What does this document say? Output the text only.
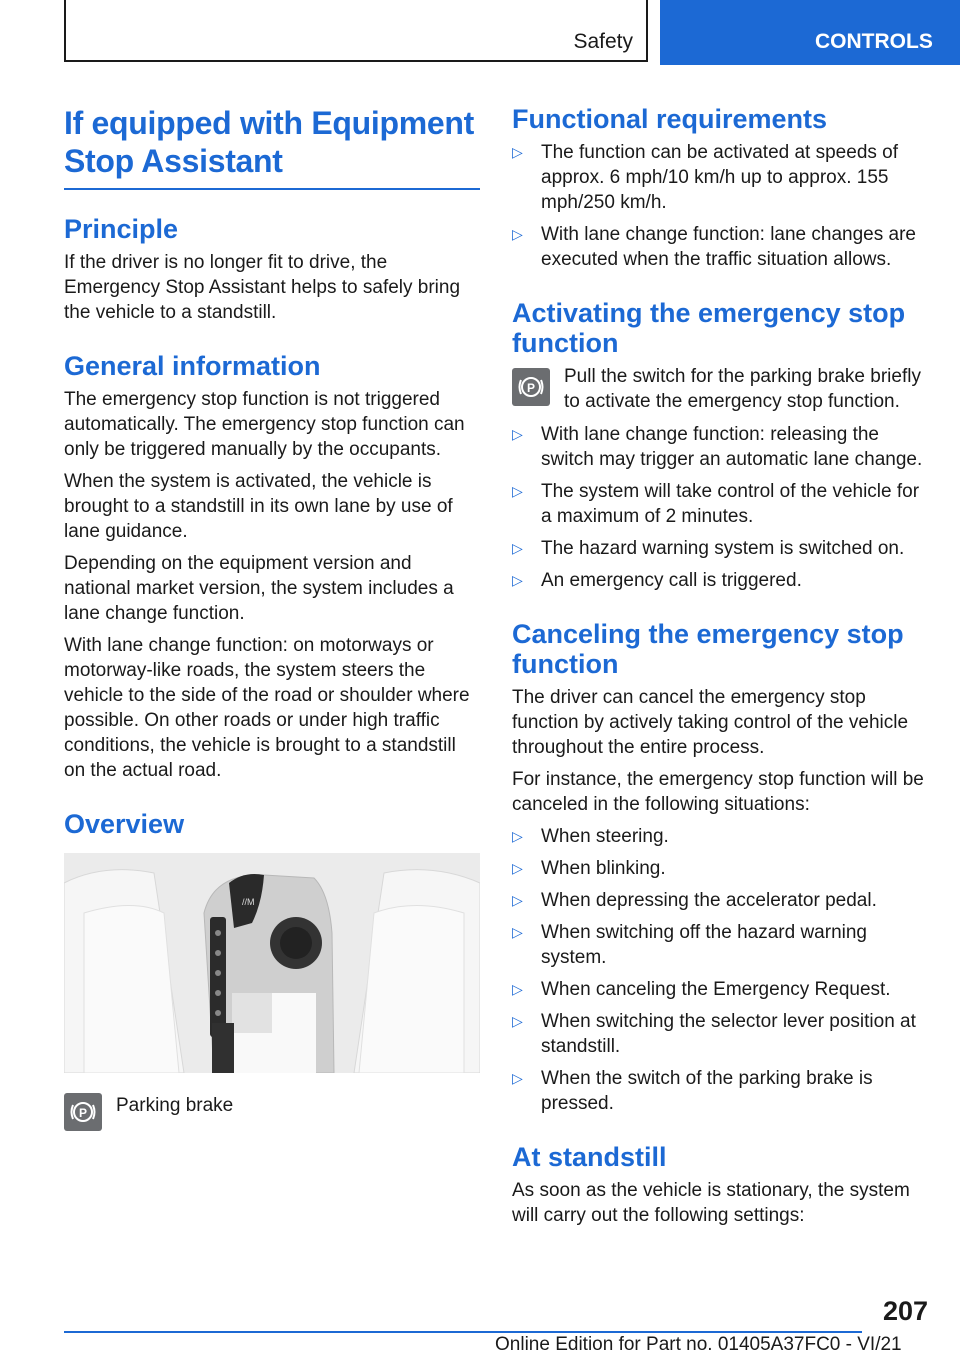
Safety	CONTROLS
If equipped with Equipment Stop Assistant
Principle

If the driver is no longer fit to drive, the Emergency Stop Assistant helps to safely bring the vehicle to a standstill.

General information

The emergency stop function is not triggered automatically. The emergency stop function can only be triggered manually by the occupants.

When the system is activated, the vehicle is brought to a standstill in its own lane by use of lane guidance.

Depending on the equipment version and national market version, the system includes a lane change function.

With lane change function: on motorways or motorway-like roads, the system steers the vehicle to the side of the road or shoulder where possible. On other roads or under high traffic conditions, the vehicle is brought to a standstill on the actual road.

Overview
//M
P Parking brake

Functional requirements
▷ The function can be activated at speeds of approx. 6 mph/10 km/h up to approx. 155 mph/250 km/h.
▷ With lane change function: lane changes are executed when the traffic situation allows.
Activating the emergency stop function
P

Pull the switch for the parking brake briefly to activate the emergency stop function.

▷ With lane change function: releasing the switch may trigger an automatic lane change.
▷ The system will take control of the vehicle for a maximum of 2 minutes.
▷ The hazard warning system is switched on.
▷ An emergency call is triggered.
Canceling the emergency stop function

The driver can cancel the emergency stop function by actively taking control of the vehicle throughout the entire process.

For instance, the emergency stop function will be canceled in the following situations:

▷ When steering.
▷ When blinking.
▷ When depressing the accelerator pedal.
▷ When switching off the hazard warning system.
▷ When canceling the Emergency Request.
▷ When switching the selector lever position at standstill.
▷ When the switch of the parking brake is pressed.
At standstill

As soon as the vehicle is stationary, the system will carry out the following settings:

207
Online Edition for Part no. 01405A37FC0 - VI/21
